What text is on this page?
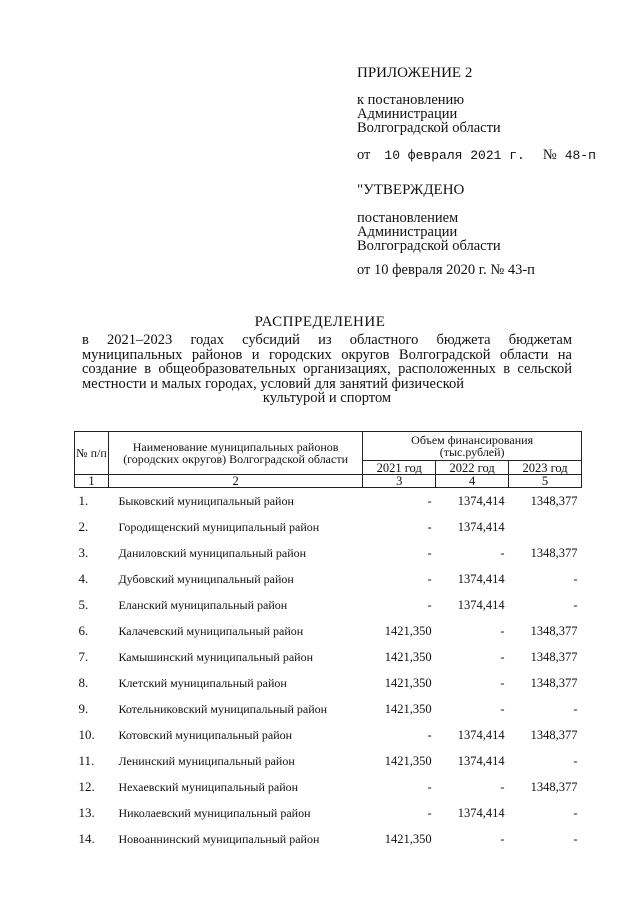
ПРИЛОЖЕНИЕ 2
к постановлению
Администрации
Волгоградской области
от 10 февраля 2021 г. № 48-п
"УТВЕРЖДЕНО
постановлением
Администрации
Волгоградской области
от 10 февраля 2020 г. № 43-п
РАСПРЕДЕЛЕНИЕ
в 2021–2023 годах субсидий из областного бюджета бюджетам муниципальных районов и городских округов Волгоградской области на создание в общеобразовательных организациях, расположенных в сельской местности и малых городах, условий для занятий физической
культурой и спортом
№ п/п	Наименование муниципальных районов (городских округов) Волгоградской области	Объем финансирования (тыс.рублей)		
		2021 год	2022 год	2023 год
1	2	3	4	5
1.	Быковский муниципальный район	-	1374,414	1348,377
2.	Городищенский муниципальный район	-	1374,414	
3.	Даниловский муниципальный район	-	-	1348,377
4.	Дубовский муниципальный район	-	1374,414	-
5.	Еланский муниципальный район	-	1374,414	-
6.	Калачевский муниципальный район	1421,350	-	1348,377
7.	Камышинский муниципальный район	1421,350	-	1348,377
8.	Клетский муниципальный район	1421,350	-	1348,377
9.	Котельниковский муниципальный район	1421,350	-	-
10.	Котовский муниципальный район	-	1374,414	1348,377
11.	Ленинский муниципальный район	1421,350	1374,414	-
12.	Нехаевский муниципальный район	-	-	1348,377
13.	Николаевский муниципальный район	-	1374,414	-
14.	Новоаннинский муниципальный район	1421,350	-	-
